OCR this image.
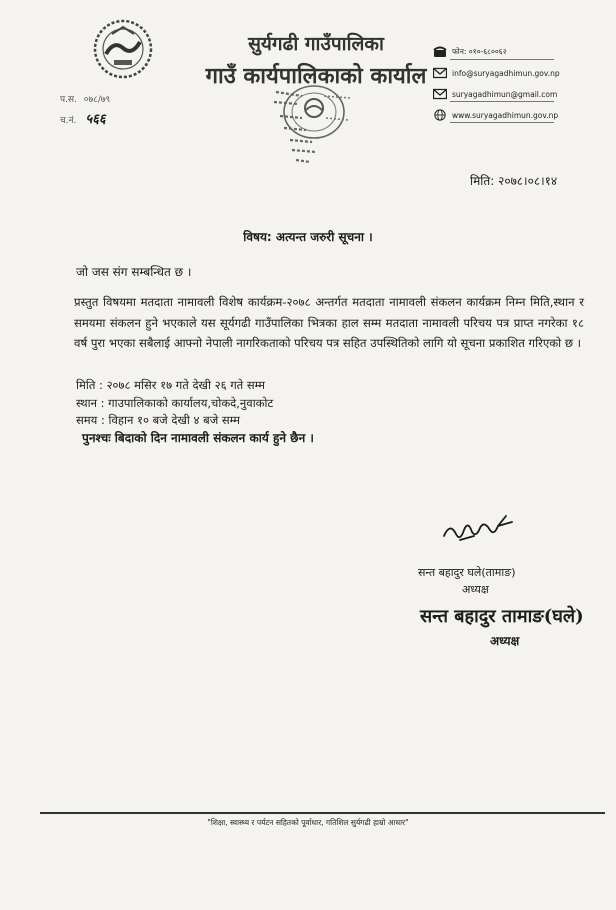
सुर्यगढी गाउँपालिका
गाउँ कार्यपालिकाको कार्याल
फोन: ०१०-६८००६२
info@suryagadhimun.gov.np
suryagadhimun@gmail.com
www.suryagadhimun.gov.np
प.स. ०७८/७९
च.नं. ५६६
मिति: २०७८।०८।१४
विषय: अत्यन्त जरुरी सूचना ।
जो जस संग सम्बन्धित छ ।
प्रस्तुत विषयमा मतदाता नामावली विशेष कार्यक्रम-२०७८ अन्तर्गत मतदाता नामावली संकलन कार्यक्रम निम्न मिति,स्थान र समयमा संकलन हुने भएकाले यस सूर्यगढी गाउँपालिका भित्रका हाल सम्म मतदाता नामावली परिचय पत्र प्राप्त नगरेका १८ वर्ष पुरा भएका सबैलाई आफ्नो नेपाली नागरिकताको परिचय पत्र सहित उपस्थितिको लागि यो सूचना प्रकाशित गरिएको छ ।
मिति : २०७८ मसिर १७ गते देखी २६ गते सम्म
स्थान : गाउपालिकाको कार्यालय,चोकदे,नुवाकोट
समय : विहान १० बजे देखी ४ बजे सम्म
पुनश्चः बिदाको दिन नामावली संकलन कार्य हुने छैन ।
सन्त बहादुर घले(तामाङ)
अध्यक्ष
सन्त बहादुर तामाङ(घले)
अध्यक्ष
"शिक्षा, स्वास्थ्य र पर्यटन सहितको पूर्वाधार, गतिशिल सुर्यगढी हाम्रो आधार"
